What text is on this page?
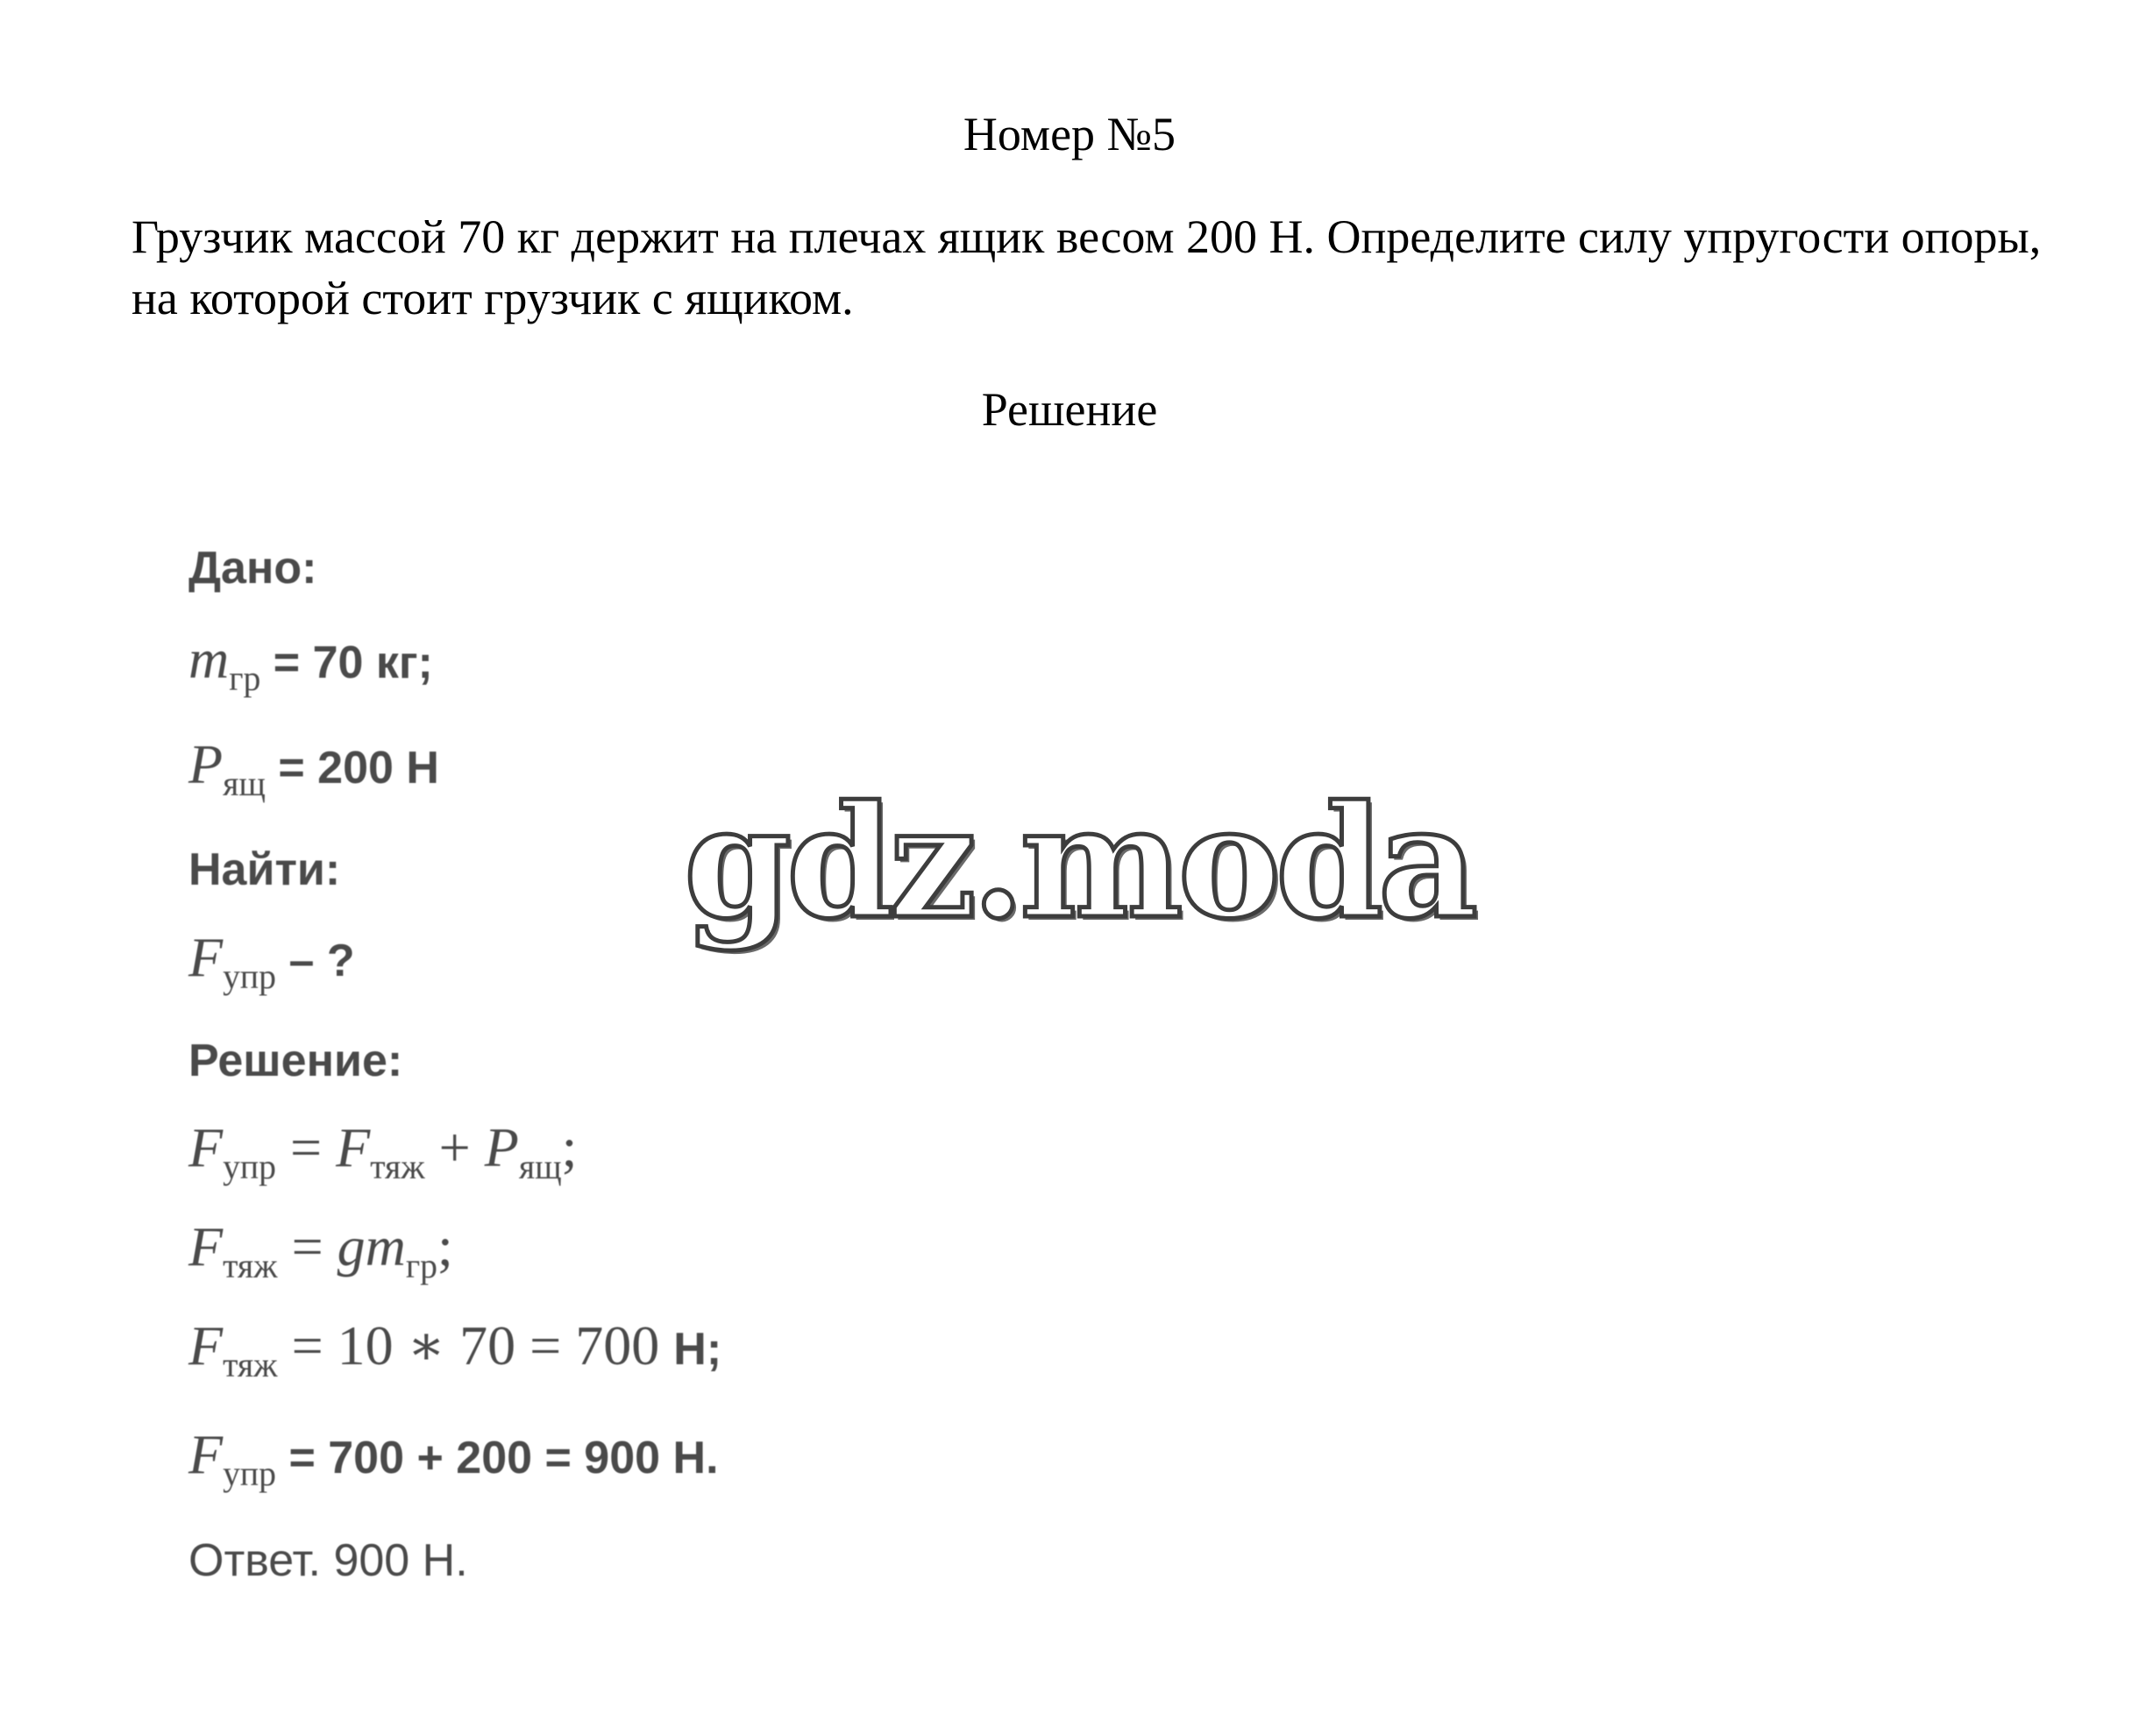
Номер №5
Грузчик массой 70 кг держит на плечах ящик весом 200 Н. Определите силу упругости опоры, на которой стоит грузчик с ящиком.
Решение
Дано:
$m_{гр} = 70$ кг;
$P_{ящ} = 200$ Н
Найти:
$F_{упр}$ – ?
Решение:
$F_{упр} = F_{тяж} + P_{ящ}$;
$F_{тяж} = gm_{гр}$;
$F_{тяж} = 10$ ∗ 70 = 700 Н;
$F_{упр} = 700 + 200 = 900$ Н.
Ответ. 900 Н.
gdz.moda
